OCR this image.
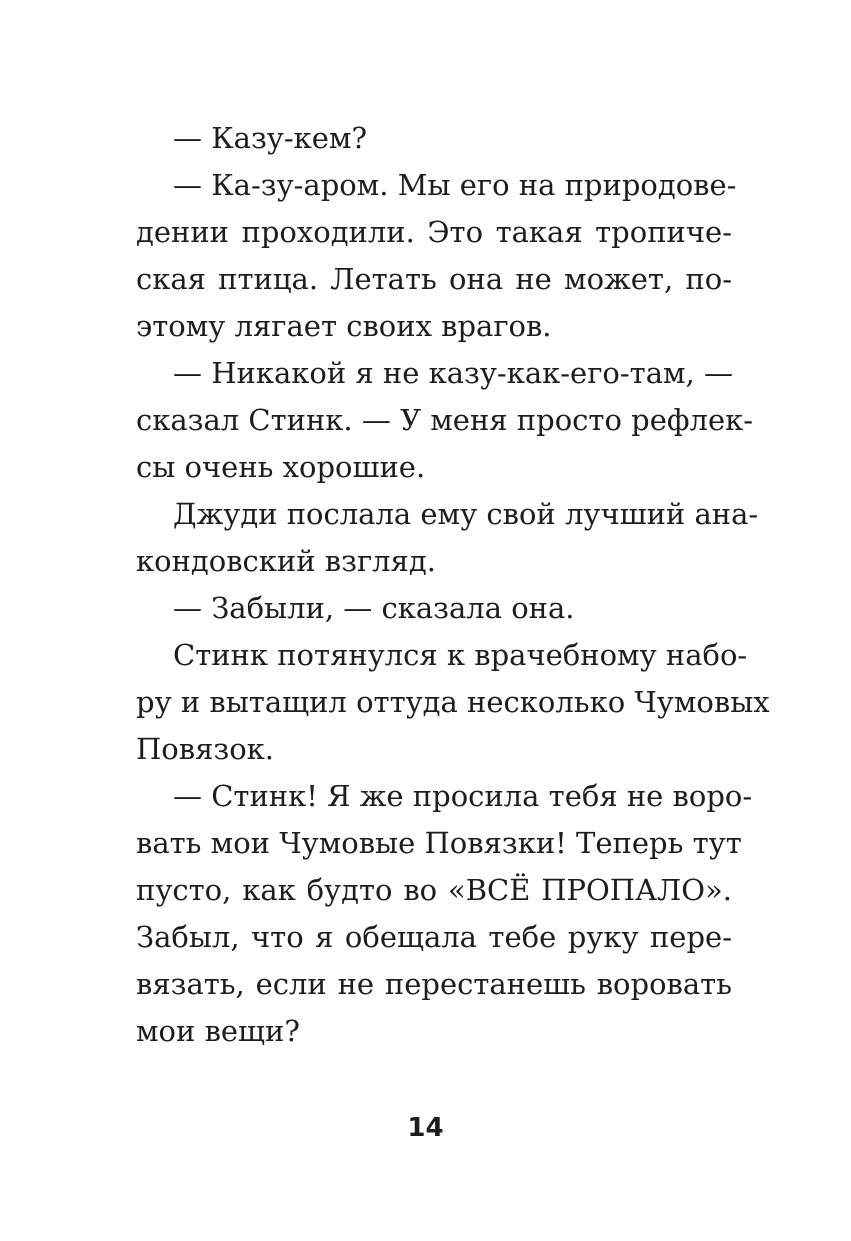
— Казу-кем?
— Ка-зу-аром. Мы его на природове-
дении проходили. Это такая тропиче-
ская птица. Летать она не может, по-
этому лягает своих врагов.
— Никакой я не казу-как-его-там, —
сказал Стинк. — У меня просто рефлек-
сы очень хорошие.
Джуди послала ему свой лучший ана-
кондовский взгляд.
— Забыли, — сказала она.
Стинк потянулся к врачебному набо-
ру и вытащил оттуда несколько Чумовых
Повязок.
— Стинк! Я же просила тебя не воро-
вать мои Чумовые Повязки! Теперь тут
пусто, как будто во «ВСЁ ПРОПАЛО».
Забыл, что я обещала тебе руку пере-
вязать, если не перестанешь воровать
мои вещи?
14
